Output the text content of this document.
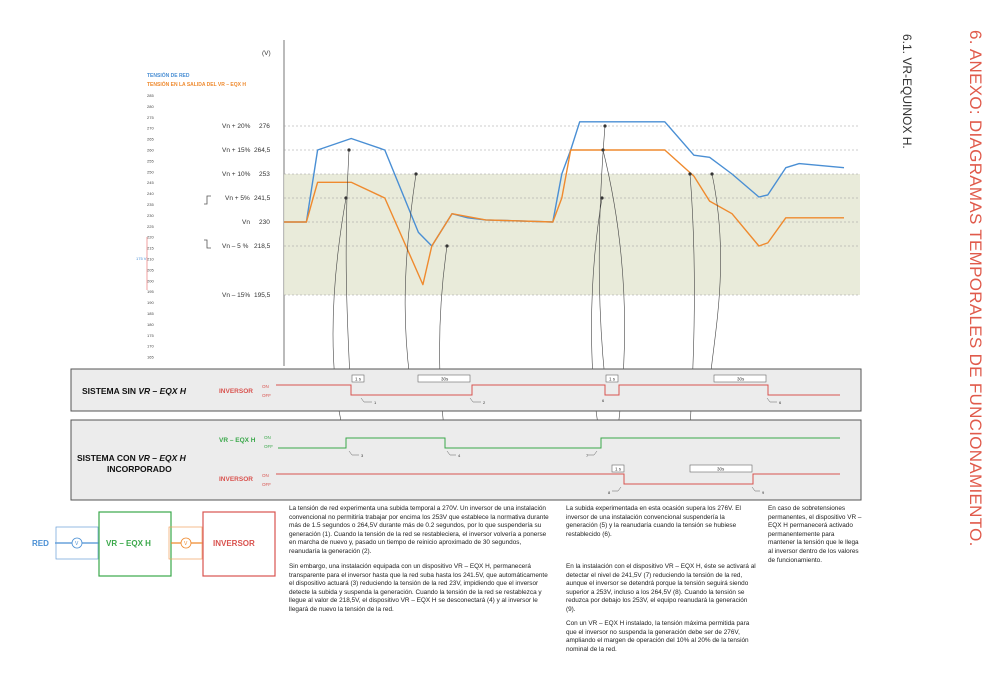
TENSIÓN DE RED
TENSIÓN EN LA SALIDA DEL VR – EQX H
285
280
275
270
265
260
255
250
245
240
235
230
225
220
215
210
205
200
195
190
185
180
175
170
165
175 V
(V)
Vn + 20% 276
Vn + 15% 264,5
Vn + 10% 253
Vn + 5% 241,5
Vn 230
Vn – 5 % 218,5
Vn – 15% 195,5
SISTEMA SIN VR – EQX H	INVERSOR
ON
OFF
1 s	30s	1 s	30s
1	2	6	6
SISTEMA CON VR – EQX H
INCORPORADO
VR – EQX H ON
OFF
INVERSOR
ON
OFF
1 s	30s
3	4	7
8	9
RED	V	VR – EQX H	V	INVERSOR

La tensión de red experimenta una subida temporal a 270V. Un inversor de una instalación convencional no permitiría trabajar por encima los 253V que establece la normativa durante más de 1.5 segundos o 264,5V durante más de 0.2 segundos, por lo que suspendería su generación (1). Cuando la tensión de la red se restableciera, el inversor volvería a ponerse en marcha de nuevo y, pasado un tiempo de reinicio aproximado de 30 segundos, reanudaría la generación (2).

Sin embargo, una instalación equipada con un dispositivo VR – EQX H, permanecerá transparente para el inversor hasta que la red suba hasta los 241.5V, que automáticamente el dispositivo actuará (3) reduciendo la tensión de la red 23V, impidiendo que el inversor detecte la subida y suspenda la generación. Cuando la tensión de la red se restablezca y llegue al valor de 218,5V, el dispositivo VR – EQX H se desconectará (4) y al inversor le llegará de nuevo la tensión de la red.

La subida experimentada en esta ocasión supera los 276V. El inversor de una instalación convencional suspendería la generación (5) y la reanudaría cuando la tensión se hubiese restablecido (6).

En la instalación con el dispositivo VR – EQX H, éste se activará al detectar el nivel de 241,5V (7) reduciendo la tensión de la red, aunque el inversor se detendrá porque la tensión seguirá siendo superior a 253V, incluso a los 264,5V (8). Cuando la tensión se reduzca por debajo los 253V, el equipo reanudará la generación (9).

Con un VR – EQX H instalado, la tensión máxima permitida para que el inversor no suspenda la generación debe ser de 276V, ampliando el margen de operación del 10% al 20% de la tensión nominal de la red.

En caso de sobretensiones permanentes, el dispositivo VR – EQX H permanecerá activado permanentemente para mantener la tensión que le llega al inversor dentro de los valores de funcionamiento.

6. ANEXO: DIAGRAMAS TEMPORALES DE FUNCIONAMIENTO.
6.1. VR-EQUINOX H.
